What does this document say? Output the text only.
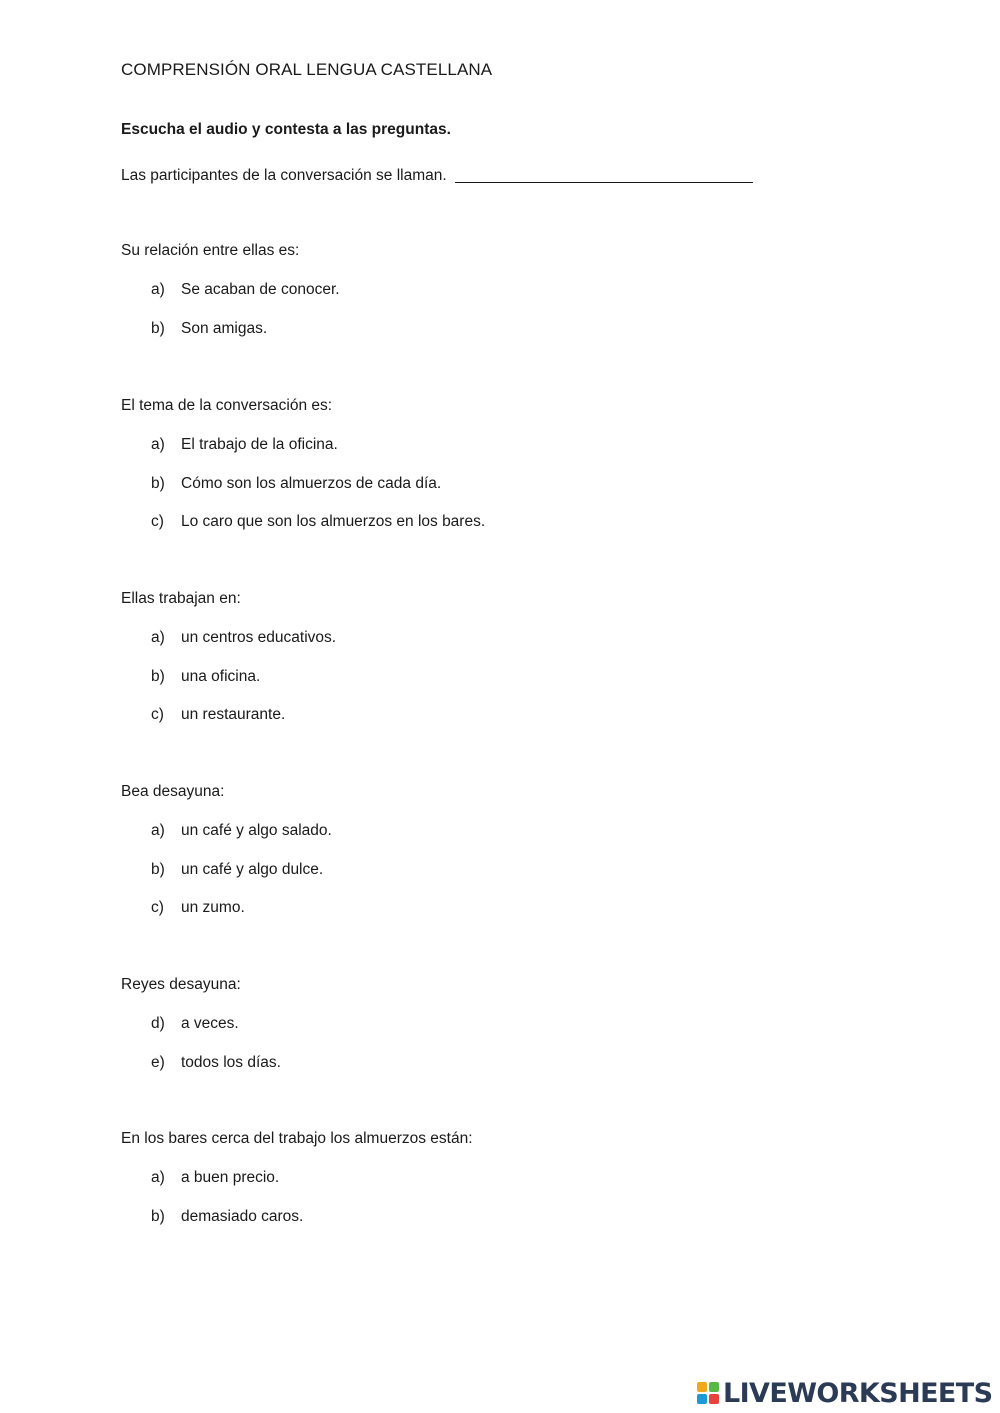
COMPRENSIÓN ORAL LENGUA CASTELLANA

Escucha el audio y contesta a las preguntas.

Las participantes de la conversación se llaman.

Su relación entre ellas es:

a)	Se acaban de conocer.
b)	Son amigas.

El tema de la conversación es:

a)	El trabajo de la oficina.
b)	Cómo son los almuerzos de cada día.
c)	Lo caro que son los almuerzos en los bares.

Ellas trabajan en:

a)	un centros educativos.
b)	una oficina.
c)	un restaurante.

Bea desayuna:

a)	un café y algo salado.
b)	un café y algo dulce.
c)	un zumo.

Reyes desayuna:

d)	a veces.
e)	todos los días.

En los bares cerca del trabajo los almuerzos están:

a)	a buen precio.
b)	demasiado caros.
LIVEWORKSHEETS
